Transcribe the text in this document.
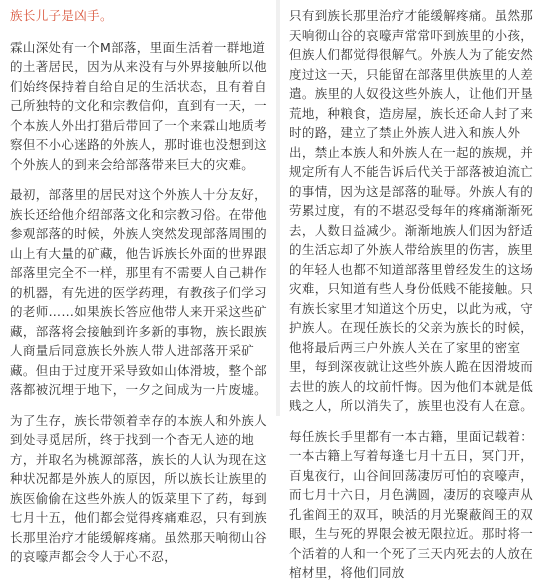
族长儿子是凶手。

霖山深处有一个M部落，里面生活着一群地道的土著居民，因为从来没有与外界接触所以他们始终保持着自给自足的生活状态，且有着自己所独特的文化和宗教信仰，直到有一天，一个本族人外出打猎后带回了一个来霖山地质考察但不小心迷路的外族人，那时谁也没想到这个外族人的到来会给部落带来巨大的灾难。

最初，部落里的居民对这个外族人十分友好，族长还给他介绍部落文化和宗教习俗。在带他参观部落的时候，外族人突然发现部落周围的山上有大量的矿藏，他告诉族长外面的世界跟部落里完全不一样，那里有不需要人自己耕作的机器，有先进的医学药理，有教孩子们学习的老师……如果族长答应他带人来开采这些矿藏，部落将会接触到许多新的事物，族长跟族人商量后同意族长外族人带人进部落开采矿藏。但由于过度开采导致如山体滑坡，整个部落都被沉埋于地下，一夕之间成为一片废墟。

为了生存，族长带领着幸存的本族人和外族人到处寻觅居所，终于找到一个杳无人迹的地方，并取名为桃源部落，族长的人认为现在这种状况都是外族人的原因，所以族长让族里的族医偷偷在这些外族人的饭菜里下了药，每到七月十五，他们都会觉得疼痛难忍，只有到族长那里治疗才能缓解疼痛。虽然那天响彻山谷的哀嚎声都会令人于心不忍，

只有到族长那里治疗才能缓解疼痛。虽然那天响彻山谷的哀嚎声常常吓到族里的小孩，但族人们都觉得很解气。外族人为了能安然度过这一天，只能留在部落里供族里的人差遣。族里的人奴役这些外族人，让他们开垦荒地，种粮食，造房屋，族长还命人封了来时的路，建立了禁止外族人进入和族人外出，禁止本族人和外族人在一起的族规，并规定所有人不能告诉后代关于部落被迫流亡的事情，因为这是部落的耻辱。外族人有的劳累过度，有的不堪忍受每年的疼痛渐渐死去，人数日益减少。渐渐地族人们因为舒适的生活忘却了外族人带给族里的伤害，族里的年轻人也都不知道部落里曾经发生的这场灾难，只知道有些人身份低贱不能接触。只有族长家里才知道这个历史，以此为戒，守护族人。在现任族长的父亲为族长的时候，他将最后两三户外族人关在了家里的密室里，每到深夜就让这些外族人跪在因滑坡而去世的族人的坟前忏悔。因为他们本就是低贱之人，所以消失了，族里也没有人在意。

每任族长手里都有一本古籍，里面记载着：一本古籍上写着每逢七月十五日，冥门开，百鬼夜行，山谷间回荡凄厉可怕的哀嚎声，而七月十六日，月色满圆，凄厉的哀嚎声从孔雀阎王的双耳，映活的月光聚蔽阎王的双眼，生与死的界限会被无限拉近。那时将一个活着的人和一个死了三天内死去的人放在棺材里，将他们同放
